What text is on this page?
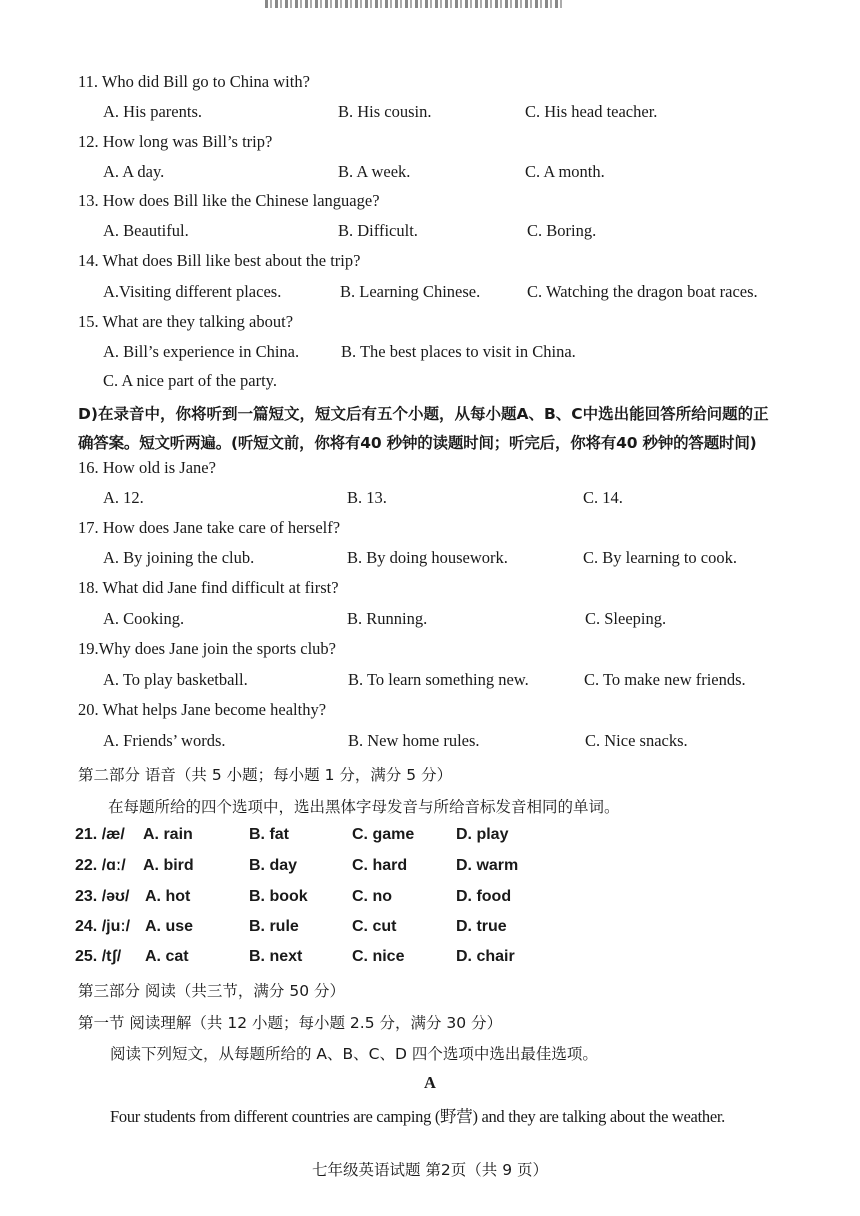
11. Who did Bill go to China with?
A. His parents.	B. His cousin.	C. His head teacher.
12. How long was Bill’s trip?
A. A day.	B. A week.	C. A month.
13. How does Bill like the Chinese language?
A. Beautiful.	B. Difficult.	C. Boring.
14. What does Bill like best about the trip?
A.Visiting different places.	B. Learning Chinese.	C. Watching the dragon boat races.
15. What are they talking about?
A. Bill’s experience in China.	B. The best places to visit in China.
C. A nice part of the party.
D)在录音中，你将听到一篇短文，短文后有五个小题，从每小题A、B、C中选出能回答所给问题的正
确答案。短文听两遍。(听短文前，你将有40 秒钟的读题时间；听完后，你将有40 秒钟的答题时间)
16. How old is Jane?
A. 12.	B. 13.	C. 14.
17. How does Jane take care of herself?
A. By joining the club.	B. By doing housework.	C. By learning to cook.
18. What did Jane find difficult at first?
A. Cooking.	B. Running.	C. Sleeping.
19.Why does Jane join the sports club?
A. To play basketball.	B. To learn something new.	C. To make new friends.
20. What helps Jane become healthy?
A. Friends’ words.	B. New home rules.	C. Nice snacks.
第二部分 语音（共 5 小题；每小题 1 分，满分 5 分）
在每题所给的四个选项中，选出黑体字母发音与所给音标发音相同的单词。
21. /æ/ A. rain	B. fat	C. game	D. play
22. /ɑː/ A. bird	B. day	C. hard	D. warm
23. /əʊ/ A. hot	B. book	C. no	D. food
24. /juː/ A. use	B. rule	C. cut	D. true
25. /tʃ/ A. cat	B. next	C. nice	D. chair
第三部分 阅读（共三节，满分 50 分）
第一节 阅读理解（共 12 小题；每小题 2.5 分，满分 30 分）
阅读下列短文，从每题所给的 A、B、C、D 四个选项中选出最佳选项。
A
Four students from different countries are camping (野营) and they are talking about the weather.
七年级英语试题 第2页（共 9 页）
